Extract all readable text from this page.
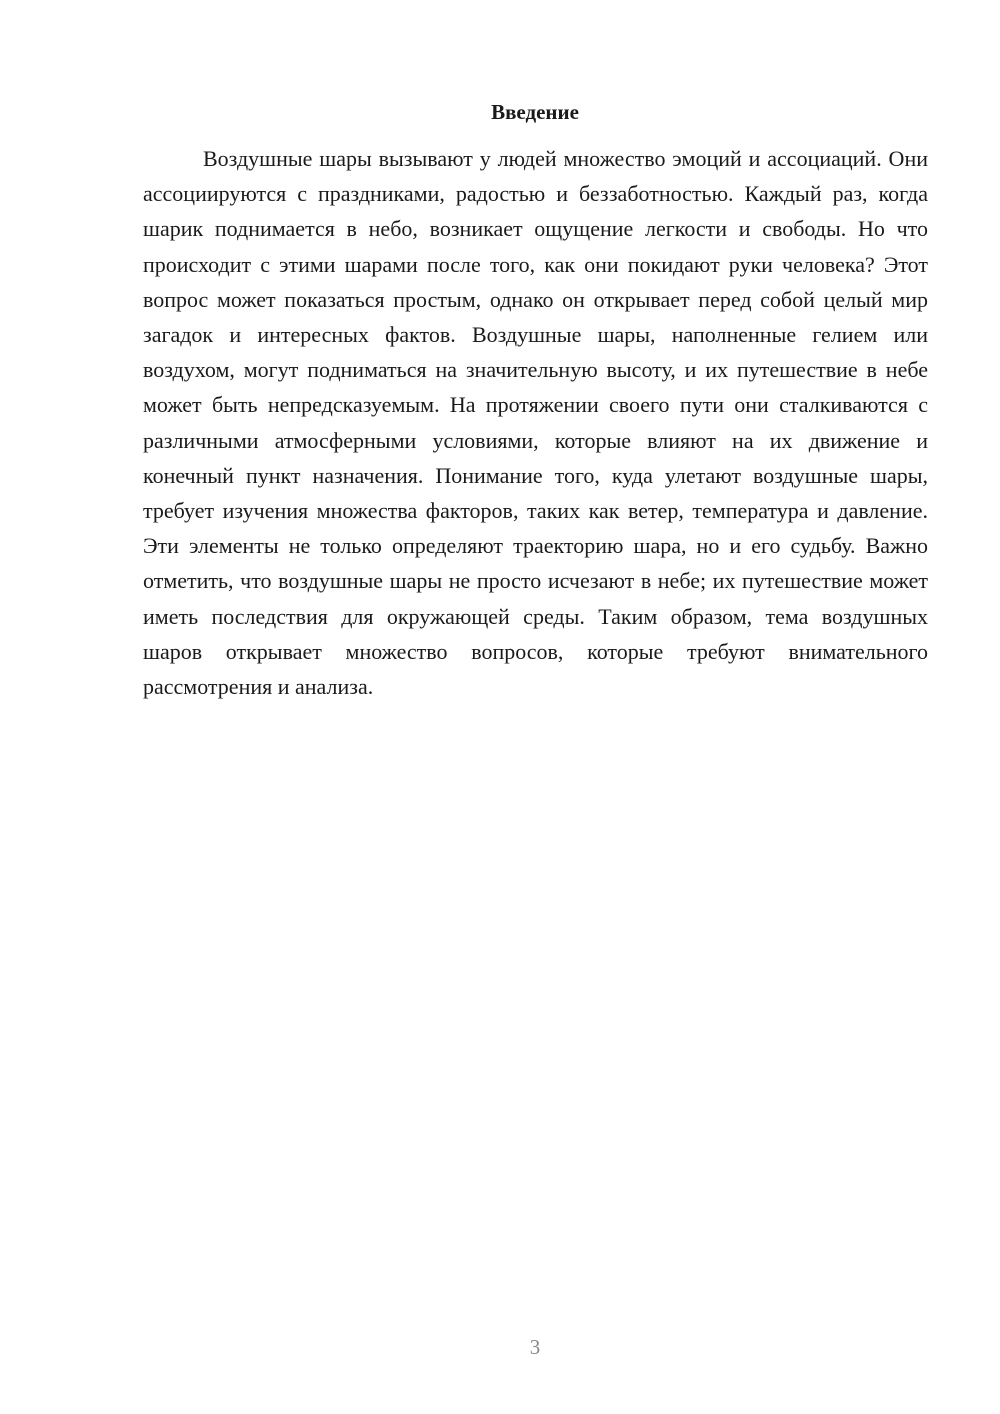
Введение

Воздушные шары вызывают у людей множество эмоций и ассоциаций. Они ассоциируются с праздниками, радостью и беззаботностью. Каждый раз, когда шарик поднимается в небо, возникает ощущение легкости и свободы. Но что происходит с этими шарами после того, как они покидают руки человека? Этот вопрос может показаться простым, однако он открывает перед собой целый мир загадок и интересных фактов. Воздушные шары, наполненные гелием или воздухом, могут подниматься на значительную высоту, и их путешествие в небе может быть непредсказуемым. На протяжении своего пути они сталкиваются с различными атмосферными условиями, которые влияют на их движение и конечный пункт назначения. Понимание того, куда улетают воздушные шары, требует изучения множества факторов, таких как ветер, температура и давление. Эти элементы не только определяют траекторию шара, но и его судьбу. Важно отметить, что воздушные шары не просто исчезают в небе; их путешествие может иметь последствия для окружающей среды. Таким образом, тема воздушных шаров открывает множество вопросов, которые требуют внимательного рассмотрения и анализа.

3
